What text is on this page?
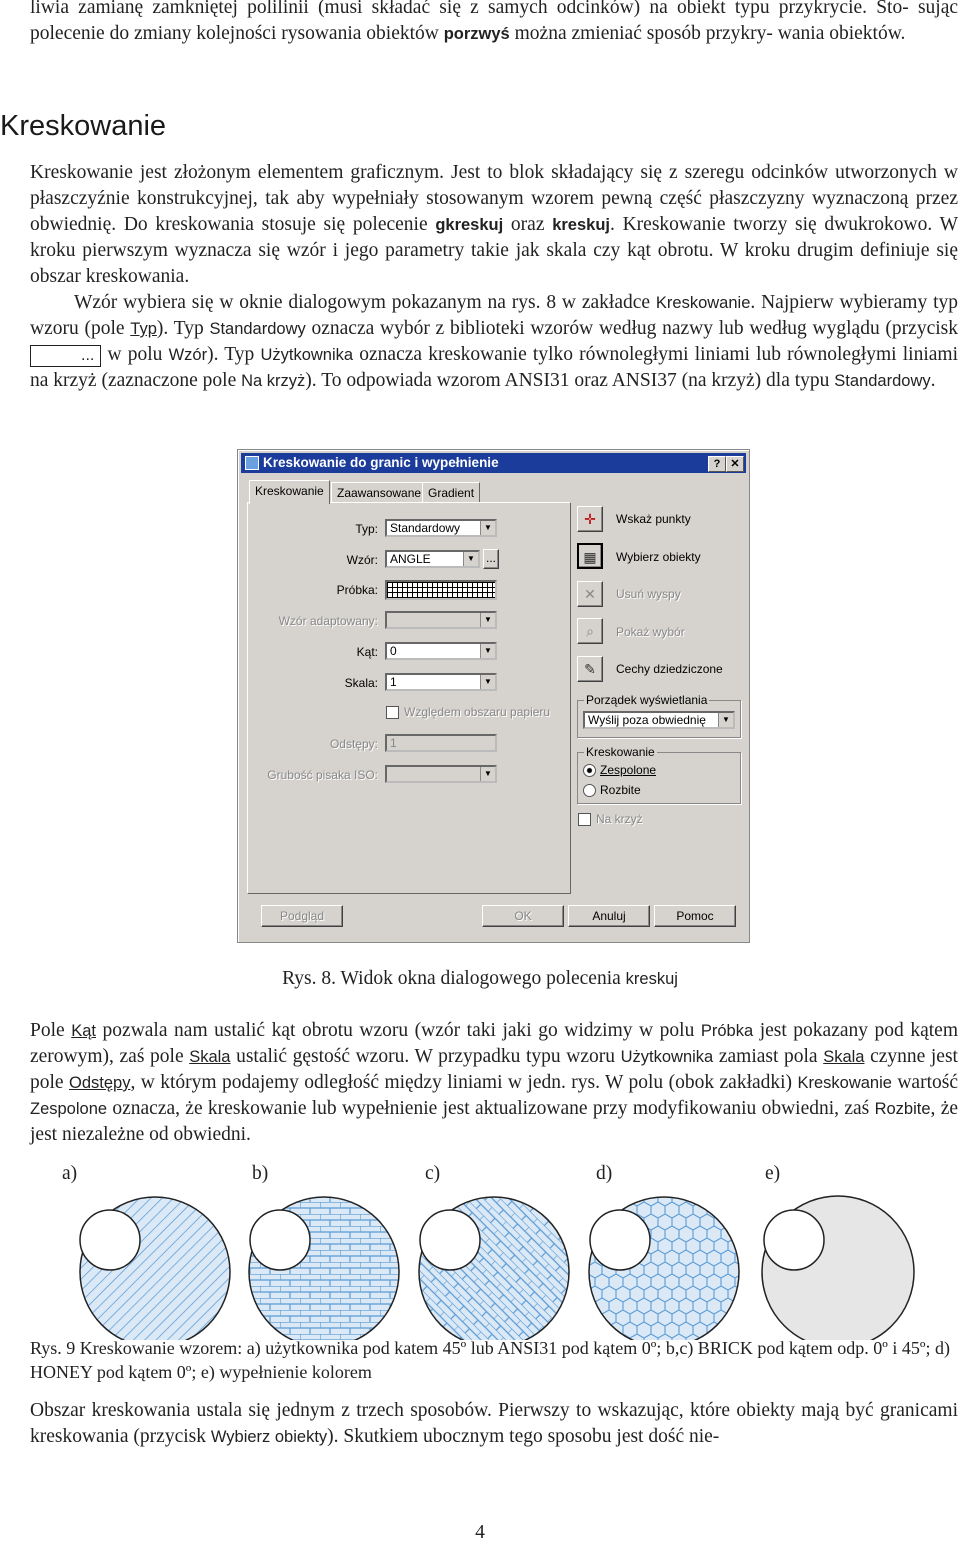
liwia zamianę zamkniętej polilinii (musi składać się z samych odcinków) na obiekt typu przykrycie. Sto- sując polecenie do zmiany kolejności rysowania obiektów porzwyś można zmieniać sposób przykry- wania obiektów.

Kreskowanie

Kreskowanie jest złożonym elementem graficznym. Jest to blok składający się z szeregu odcinków utworzonych w płaszczyźnie konstrukcyjnej, tak aby wypełniały stosowanym wzorem pewną część płaszczyzny wyznaczoną przez obwiednię. Do kreskowania stosuje się polecenie gkreskuj oraz kreskuj. Kreskowanie tworzy się dwukrokowo. W kroku pierwszym wyznacza się wzór i jego parametry takie jak skala czy kąt obrotu. W kroku drugim definiuje się obszar kreskowania.

Wzór wybiera się w oknie dialogowym pokazanym na rys. 8 w zakładce Kreskowanie. Najpierw wybieramy typ wzoru (pole Typ). Typ Standardowy oznacza wybór z biblioteki wzorów według nazwy lub według wyglądu (przycisk ... w polu Wzór). Typ Użytkownika oznacza kreskowanie tylko równoległymi liniami lub równoległymi liniami na krzyż (zaznaczone pole Na krzyż). To odpowiada wzorom ANSI31 oraz ANSI37 (na krzyż) dla typu Standardowy.

Kreskowanie do granic i wypełnienie	? ✕
Kreskowanie	Zaawansowane Gradient
Typ:	Standardowy	▼
Wzór:	ANGLE	▼ ...
Próbka:
Wzór adaptowany:	▼
Kąt:	0	▼
Skala:	1	▼
Względem obszaru papieru
Odstępy:	1
Grubość pisaka ISO:	▼
✛	Wskaż punkty
▦	Wybierz obiekty
✕	Usuń wyspy
⌕	Pokaż wybór
✎	Cechy dziedziczone
Porządek wyświetlania
Wyślij poza obwiednię	▼
Kreskowanie
Zespolone
Rozbite
Na krzyż
Podgląd	OK	Anuluj	Pomoc
Rys. 8. Widok okna dialogowego polecenia kreskuj

Pole Kąt pozwala nam ustalić kąt obrotu wzoru (wzór taki jaki go widzimy w polu Próbka jest pokazany pod kątem zerowym), zaś pole Skala ustalić gęstość wzoru. W przypadku typu wzoru Użytkownika zamiast pola Skala czynne jest pole Odstępy, w którym podajemy odległość między liniami w jedn. rys. W polu (obok zakładki) Kreskowanie wartość Zespolone oznacza, że kreskowanie lub wypełnienie jest aktualizowane przy modyfikowaniu obwiedni, zaś Rozbite, że jest niezależne od obwiedni.

a)	b)	c)	d)	e)

Rys. 9 Kreskowanie wzorem: a) użytkownika pod katem 45º lub ANSI31 pod kątem 0º; b,c) BRICK pod kątem odp. 0º i 45º; d) HONEY pod kątem 0º; e) wypełnienie kolorem

Obszar kreskowania ustala się jednym z trzech sposobów. Pierwszy to wskazując, które obiekty mają być granicami kreskowania (przycisk Wybierz obiekty). Skutkiem ubocznym tego sposobu jest dość nie-

4
